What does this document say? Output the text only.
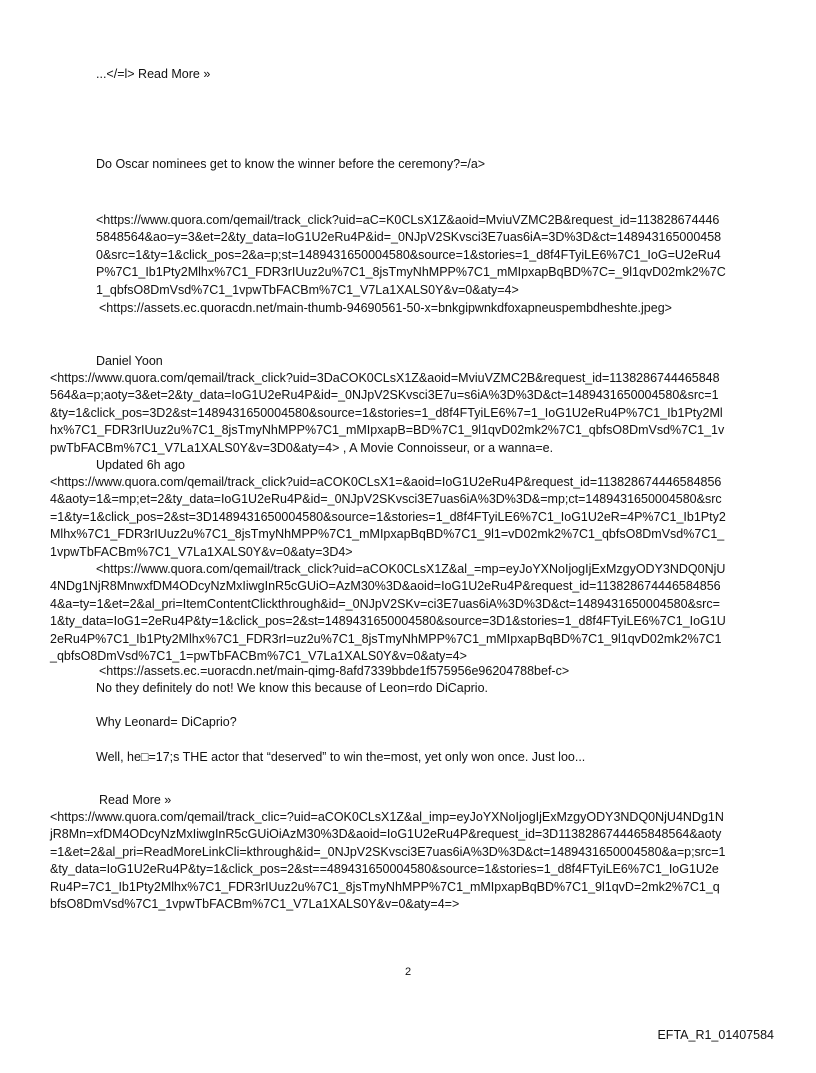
...</=l> Read More »
Do Oscar nominees get to know the winner before the ceremony?=/a>
<https://www.quora.com/qemail/track_click?uid=aC=K0CLsX1Z&aoid=MviuVZMC2B&request_id=1138286744465848564&ao=y=3&et=2&ty_data=IoG1U2eRu4P&id=_0NJpV2SKvsci3E7uas6iA=3D%3D&ct=1489431650004580&src=1&ty=1&click_pos=2&a=p;st=1489431650004580&source=1&stories=1_d8f4FTyiLE6%7C1_IoG=U2eRu4P%7C1_Ib1Pty2Mlhx%7C1_FDR3rIUuz2u%7C1_8jsTmyNhMPP%7C1_mMIpxapBqBD%7C=_9l1qvD02mk2%7C1_qbfsO8DmVsd%7C1_1vpwTbFACBm%7C1_V7La1XALS0Y&v=0&aty=4>
<https://assets.ec.quoracdn.net/main-thumb-94690561-50-x=bnkgipwnkdfoxapneuspembdheshte.jpeg>
Daniel Yoon
<https://www.quora.com/qemail/track_click?uid=3DaCOK0CLsX1Z&aoid=MviuVZMC2B&request_id=1138286744465848564&a=p;aoty=3&et=2&ty_data=IoG1U2eRu4P&id=_0NJpV2SKvsci3E7u=s6iA%3D%3D&ct=1489431650004580&src=1&ty=1&click_pos=3D2&st=1489431650004580&source=1&stories=1_d8f4FTyiLE6%7=1_IoG1U2eRu4P%7C1_Ib1Pty2Mlhx%7C1_FDR3rIUuz2u%7C1_8jsTmyNhMPP%7C1_mMIpxapB=BD%7C1_9l1qvD02mk2%7C1_qbfsO8DmVsd%7C1_1vpwTbFACBm%7C1_V7La1XALS0Y&v=3D0&aty=4> , A Movie Connoisseur, or a wanna=e.
Updated 6h ago
<https://www.quora.com/qemail/track_click?uid=aCOK0CLsX1=&aoid=IoG1U2eRu4P&request_id=1138286744465848564&aoty=1&=mp;et=2&ty_data=IoG1U2eRu4P&id=_0NJpV2SKvsci3E7uas6iA%3D%3D&=mp;ct=1489431650004580&src=1&ty=1&click_pos=2&st=3D1489431650004580&source=1&stories=1_d8f4FTyiLE6%7C1_IoG1U2eR=4P%7C1_Ib1Pty2Mlhx%7C1_FDR3rIUuz2u%7C1_8jsTmyNhMPP%7C1_mMIpxapBqBD%7C1_9l1=vD02mk2%7C1_qbfsO8DmVsd%7C1_1vpwTbFACBm%7C1_V7La1XALS0Y&v=0&aty=3D4>
<https://www.quora.com/qemail/track_click?uid=aCOK0CLsX1Z&al_=mp=eyJoYXNoIjogIjExMzgyODY3NDQ0NjU4NDg1NjR8MnwxfDM4ODcyNzMxIiwgInR5cGUiO=AzM30%3D&aoid=IoG1U2eRu4P&request_id=1138286744465848564&a=ty=1&et=2&al_pri=ItemContentClickthrough&id=_0NJpV2SKv=ci3E7uas6iA%3D%3D&ct=1489431650004580&src=1&ty_data=IoG1=2eRu4P&ty=1&click_pos=2&st=1489431650004580&source=3D1&stories=1_d8f4FTyiLE6%7C1_IoG1U2eRu4P%7C1_Ib1Pty2Mlhx%7C1_FDR3rI=uz2u%7C1_8jsTmyNhMPP%7C1_mMIpxapBqBD%7C1_9l1qvD02mk2%7C1_qbfsO8DmVsd%7C1_1=pwTbFACBm%7C1_V7La1XALS0Y&v=0&aty=4>
<https://assets.ec.=uoracdn.net/main-qimg-8afd7339bbde1f575956e96204788bef-c>
No they definitely do not! We know this because of Leon=rdo DiCaprio.
Why Leonard= DiCaprio?
Well, he□=17;s THE actor that “deserved” to win the=most, yet only won once. Just loo...
Read More »
<https://www.quora.com/qemail/track_clic=?uid=aCOK0CLsX1Z&al_imp=eyJoYXNoIjogIjExMzgyODY3NDQ0NjU4NDg1NjR8Mn=xfDM4ODcyNzMxIiwgInR5cGUiOiAzM30%3D&aoid=IoG1U2eRu4P&request_id=3D1138286744465848564&aoty=1&et=2&al_pri=ReadMoreLinkCli=kthrough&id=_0NJpV2SKvsci3E7uas6iA%3D%3D&ct=1489431650004580&a=p;src=1&ty_data=IoG1U2eRu4P&ty=1&click_pos=2&st==489431650004580&source=1&stories=1_d8f4FTyiLE6%7C1_IoG1U2eRu4P=7C1_Ib1Pty2Mlhx%7C1_FDR3rIUuz2u%7C1_8jsTmyNhMPP%7C1_mMIpxapBqBD%7C1_9l1qvD=2mk2%7C1_qbfsO8DmVsd%7C1_1vpwTbFACBm%7C1_V7La1XALS0Y&v=0&aty=4=>
2
EFTA_R1_01407584
